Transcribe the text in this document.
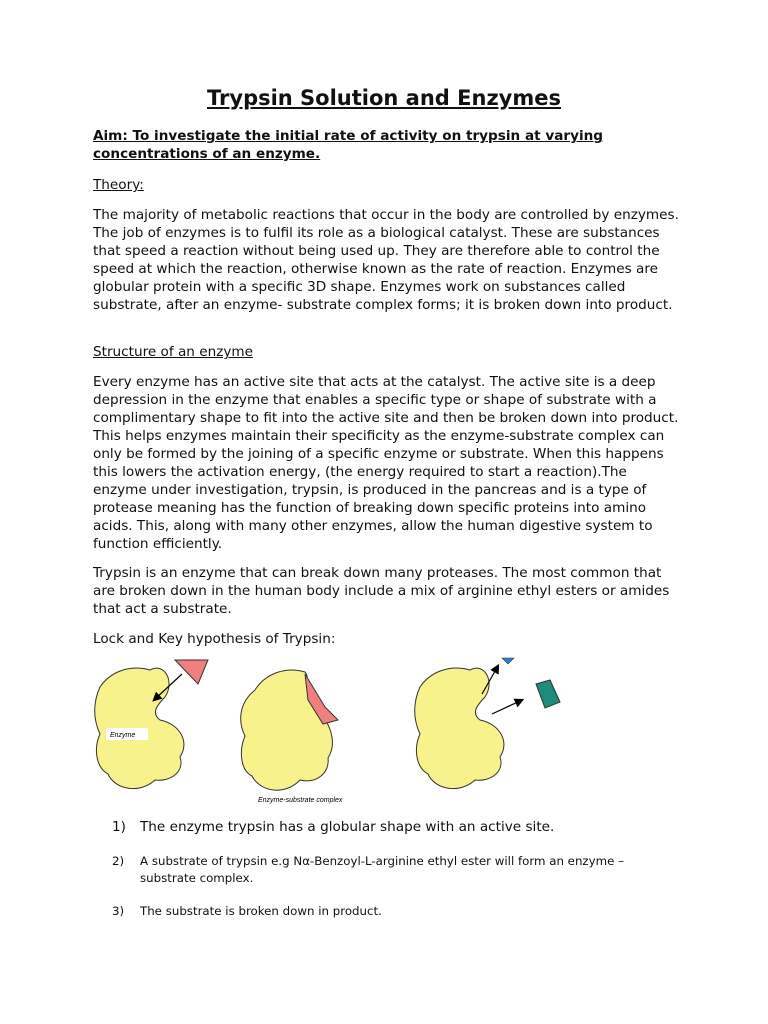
Trypsin Solution and Enzymes

Aim: To investigate the initial rate of activity on trypsin at varying concentrations of an enzyme.

Theory:

The majority of metabolic reactions that occur in the body are controlled by enzymes. The job of enzymes is to fulfil its role as a biological catalyst. These are substances that speed a reaction without being used up. They are therefore able to control the speed at which the reaction, otherwise known as the rate of reaction. Enzymes are globular protein with a specific 3D shape. Enzymes work on substances called substrate, after an enzyme- substrate complex forms; it is broken down into product.

Structure of an enzyme

Every enzyme has an active site that acts at the catalyst. The active site is a deep depression in the enzyme that enables a specific type or shape of substrate with a complimentary shape to fit into the active site and then be broken down into product. This helps enzymes maintain their specificity as the enzyme-substrate complex can only be formed by the joining of a specific enzyme or substrate. When this happens this lowers the activation energy, (the energy required to start a reaction).The enzyme under investigation, trypsin, is produced in the pancreas and is a type of protease meaning has the function of breaking down specific proteins into amino acids. This, along with many other enzymes, allow the human digestive system to function efficiently.

Trypsin is an enzyme that can break down many proteases. The most common that are broken down in the human body include a mix of arginine ethyl esters or amides that act a substrate.

Lock and Key hypothesis of Trypsin:

Enzyme
Enzyme-substrate complex
1) The enzyme trypsin has a globular shape with an active site.
2) A substrate of trypsin e.g Nα-Benzoyl-L-arginine ethyl ester will form an enzyme – substrate complex.
3) The substrate is broken down in product.
